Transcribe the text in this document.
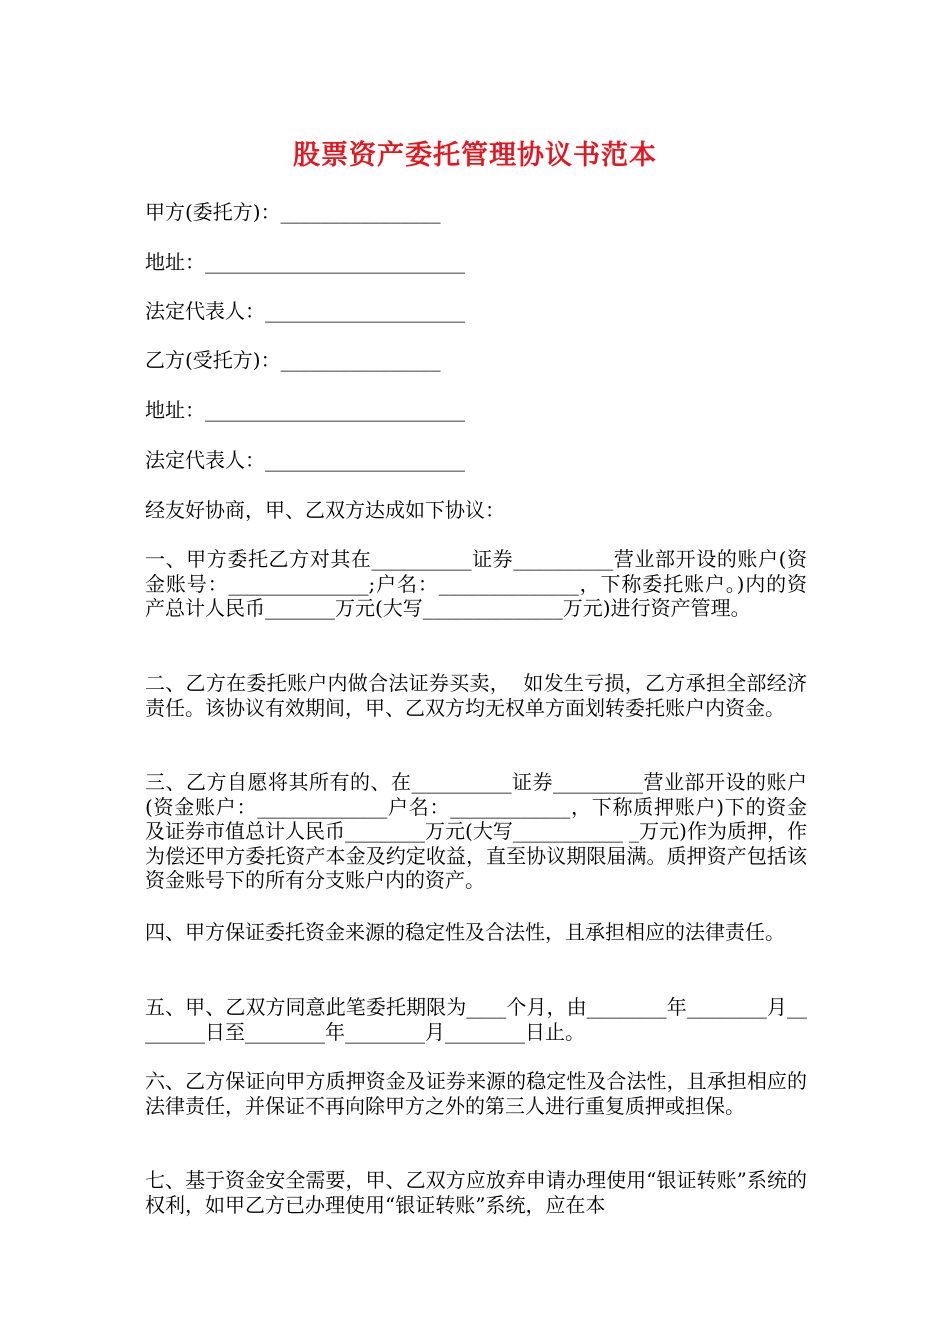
股票资产委托管理协议书范本

甲方(委托方)：________________

地址：__________________________

法定代表人：____________________

乙方(受托方)：________________

地址：__________________________

法定代表人：____________________

经友好协商，甲、乙双方达成如下协议：

一、甲方委托乙方对其在__________证券__________营业部开设的账户(资金账号：______________;户名：______________，下称委托账户。)内的资产总计人民币_______万元(大写______________万元)进行资产管理。

二、乙方在委托账户内做合法证券买卖，  如发生亏损，乙方承担全部经济责任。该协议有效期间，甲、乙双方均无权单方面划转委托账户内资金。

三、乙方自愿将其所有的、在__________证券_________营业部开设的账户(资金账户：_____________户名：____________，下称质押账户)下的资金及证券市值总计人民币________万元(大写___________ _万元)作为质押，作为偿还甲方委托资产本金及约定收益，直至协议期限届满。质押资产包括该资金账号下的所有分支账户内的资产。

四、甲方保证委托资金来源的稳定性及合法性，且承担相应的法律责任。

五、甲、乙双方同意此笔委托期限为____个月，由________年________月________日至________年________月________日止。

六、乙方保证向甲方质押资金及证券来源的稳定性及合法性，且承担相应的法律责任，并保证不再向除甲方之外的第三人进行重复质押或担保。

七、基于资金安全需要，甲、乙双方应放弃申请办理使用“银证转账”系统的权利，如甲乙方已办理使用“银证转账”系统，应在本
